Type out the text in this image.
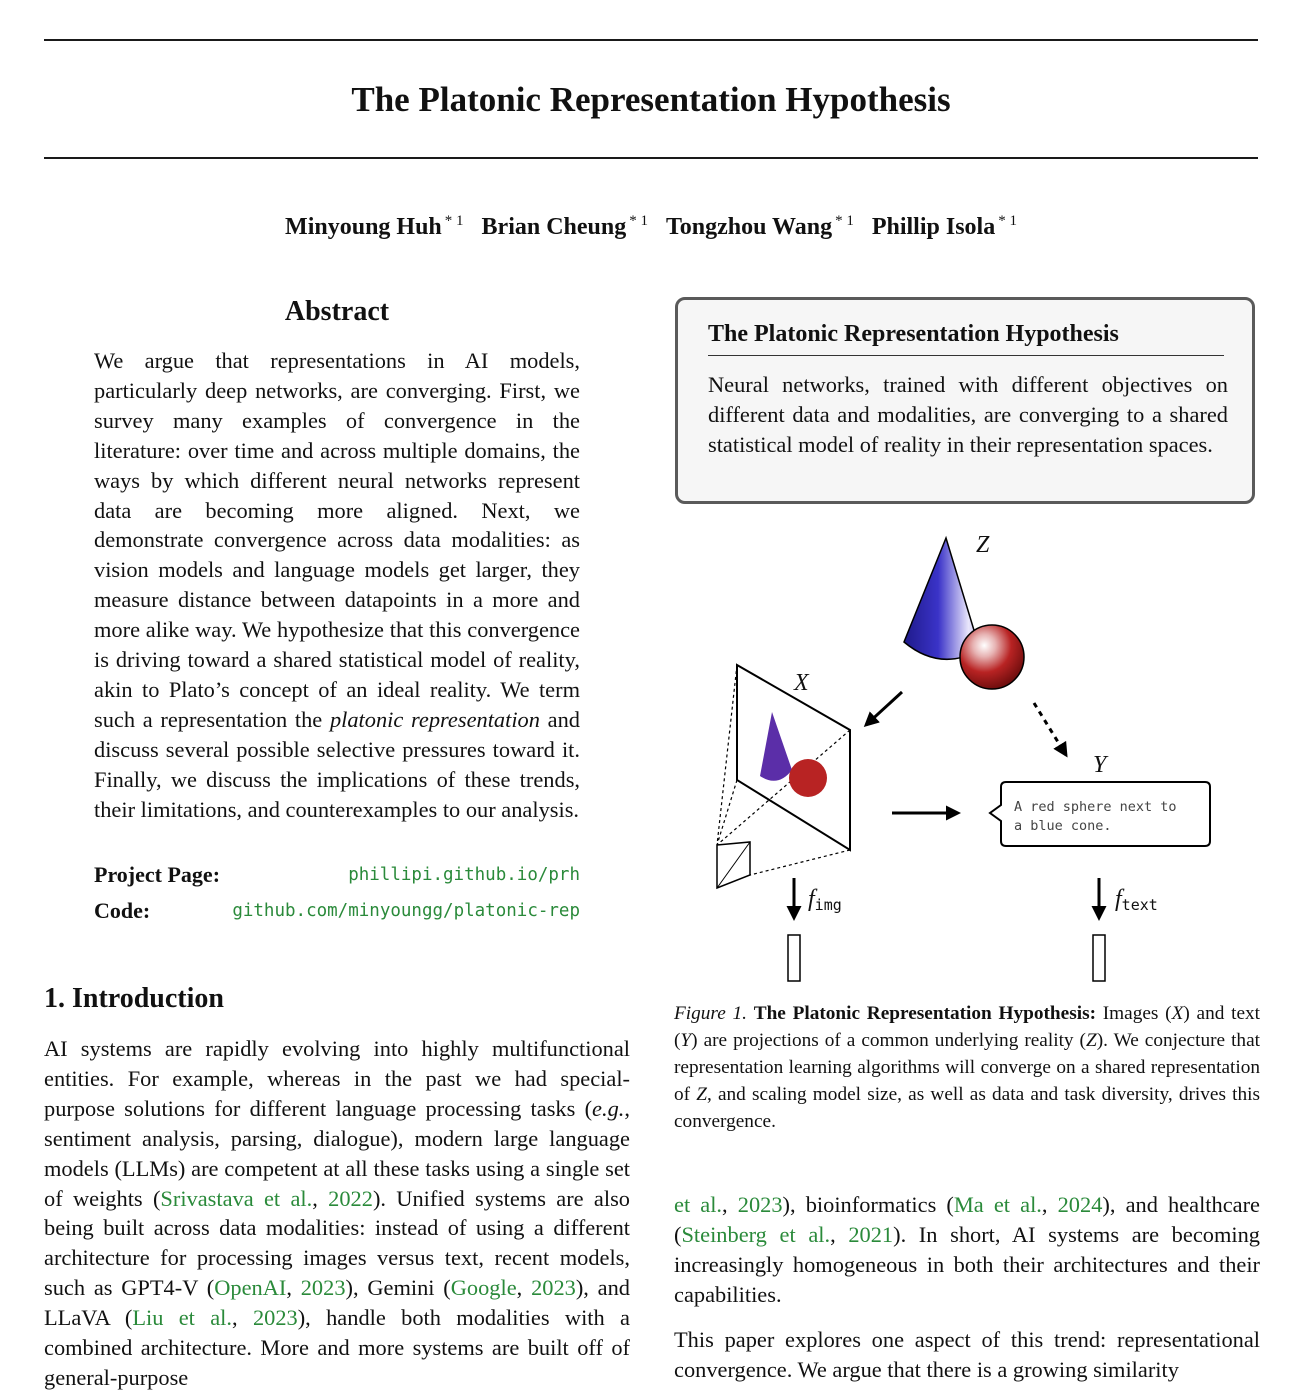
The Platonic Representation Hypothesis
Minyoung Huh $^{* 1}$ Brian Cheung $^{* 1}$ Tongzhou Wang $^{* 1}$ Phillip Isola $^{* 1}$
Abstract
We argue that representations in AI models, particularly deep networks, are converging. First, we survey many examples of convergence in the literature: over time and across multiple domains, the ways by which different neural networks represent data are becoming more aligned. Next, we demonstrate convergence across data modalities: as vision models and language models get larger, they measure distance between datapoints in a more and more alike way. We hypothesize that this convergence is driving toward a shared statistical model of reality, akin to Plato’s concept of an ideal reality. We term such a representation the platonic representation and discuss several possible selective pressures toward it. Finally, we discuss the implications of these trends, their limitations, and counterexamples to our analysis.
Project Page:	phillipi.github.io/prh
Code:	github.com/minyoungg/platonic-rep
1. Introduction
AI systems are rapidly evolving into highly multifunctional entities. For example, whereas in the past we had special-purpose solutions for different language processing tasks (e.g., sentiment analysis, parsing, dialogue), modern large language models (LLMs) are competent at all these tasks using a single set of weights (Srivastava et al., 2022). Unified systems are also being built across data modalities: instead of using a different architecture for processing images versus text, recent models, such as GPT4-V (OpenAI, 2023), Gemini (Google, 2023), and LLaVA (Liu et al., 2023), handle both modalities with a combined architecture. More and more systems are built off of general-purpose
The Platonic Representation Hypothesis
Neural networks, trained with different objectives on different data and modalities, are converging to a shared statistical model of reality in their representation spaces.
Z
X
Y
A red sphere next to
a blue cone.
fimg	ftext
Figure 1. The Platonic Representation Hypothesis: Images (X) and text (Y) are projections of a common underlying reality (Z). We conjecture that representation learning algorithms will converge on a shared representation of Z, and scaling model size, as well as data and task diversity, drives this convergence.
et al., 2023), bioinformatics (Ma et al., 2024), and healthcare (Steinberg et al., 2021). In short, AI systems are becoming increasingly homogeneous in both their architectures and their capabilities.
This paper explores one aspect of this trend: representational convergence. We argue that there is a growing similarity
